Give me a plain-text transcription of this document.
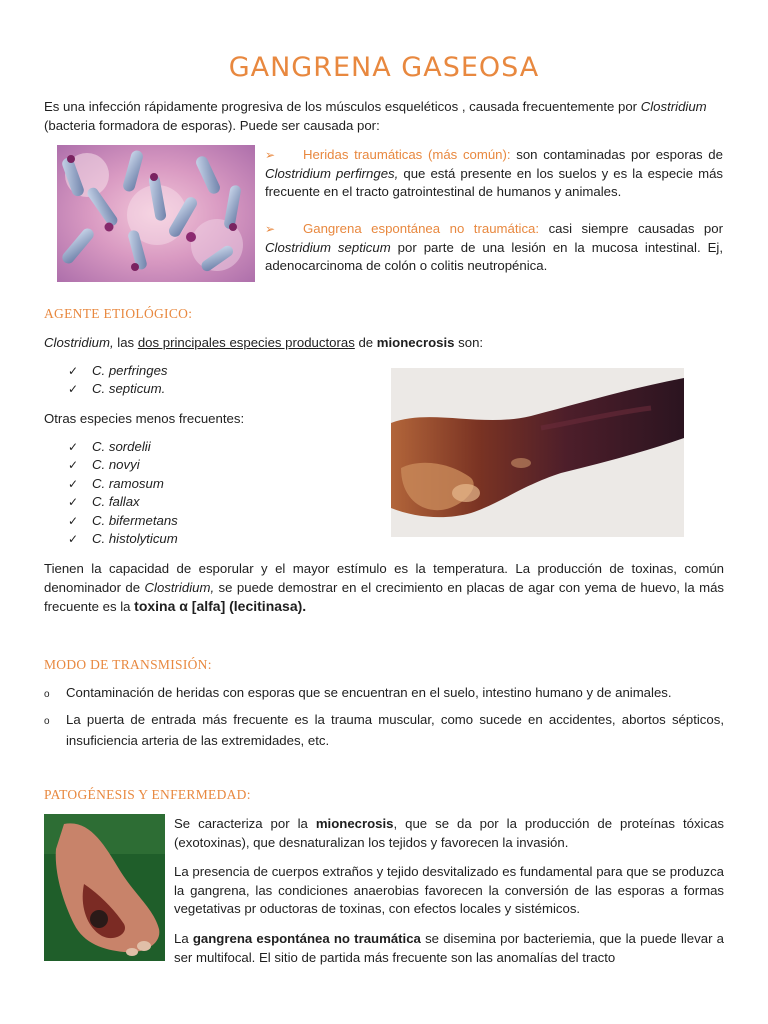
GANGRENA GASEOSA
Es una infección rápidamente progresiva de los músculos esqueléticos , causada frecuentemente por Clostridium
(bacteria formadora de esporas). Puede ser causada por:
➢ Heridas traumáticas (más común): son contaminadas por esporas de Clostridium perfirnges, que está presente en los suelos y es la especie más frecuente en el tracto gatrointestinal de humanos y animales.
➢ Gangrena espontánea no traumática: casi siempre causadas por Clostridium septicum por parte de una lesión en la mucosa intestinal. Ej, adenocarcinoma de colón o colitis neutropénica.
AGENTE ETIOLÓGICO:
Clostridium, las dos principales especies productoras de mionecrosis son:
✓ C. perfringes
✓ C. septicum.
Otras especies menos frecuentes:
✓ C. sordelii
✓ C. novyi
✓ C. ramosum
✓ C. fallax
✓ C. bifermetans
✓ C. histolyticum
Tienen la capacidad de esporular y el mayor estímulo es la temperatura. La producción de toxinas, común denominador de Clostridium, se puede demostrar en el crecimiento en placas de agar con yema de huevo, la más frecuente es la toxina α [alfa] (lecitinasa).
MODO DE TRANSMISIÓN:
o Contaminación de heridas con esporas que se encuentran en el suelo, intestino humano y de animales.
o La puerta de entrada más frecuente es la trauma muscular, como sucede en accidentes, abortos sépticos, insuficiencia arteria de las extremidades, etc.
PATOGÉNESIS Y ENFERMEDAD:
Se caracteriza por la mionecrosis, que se da por la producción de proteínas tóxicas (exotoxinas), que desnaturalizan los tejidos y favorecen la invasión.
La presencia de cuerpos extraños y tejido desvitalizado es fundamental para que se produzca la gangrena, las condiciones anaerobias favorecen la conversión de las esporas a formas vegetativas pr oductoras de toxinas, con efectos locales y sistémicos.
La gangrena espontánea no traumática se disemina por bacteriemia, que la puede llevar a ser multifocal. El sitio de partida más frecuente son las anomalías del tracto
